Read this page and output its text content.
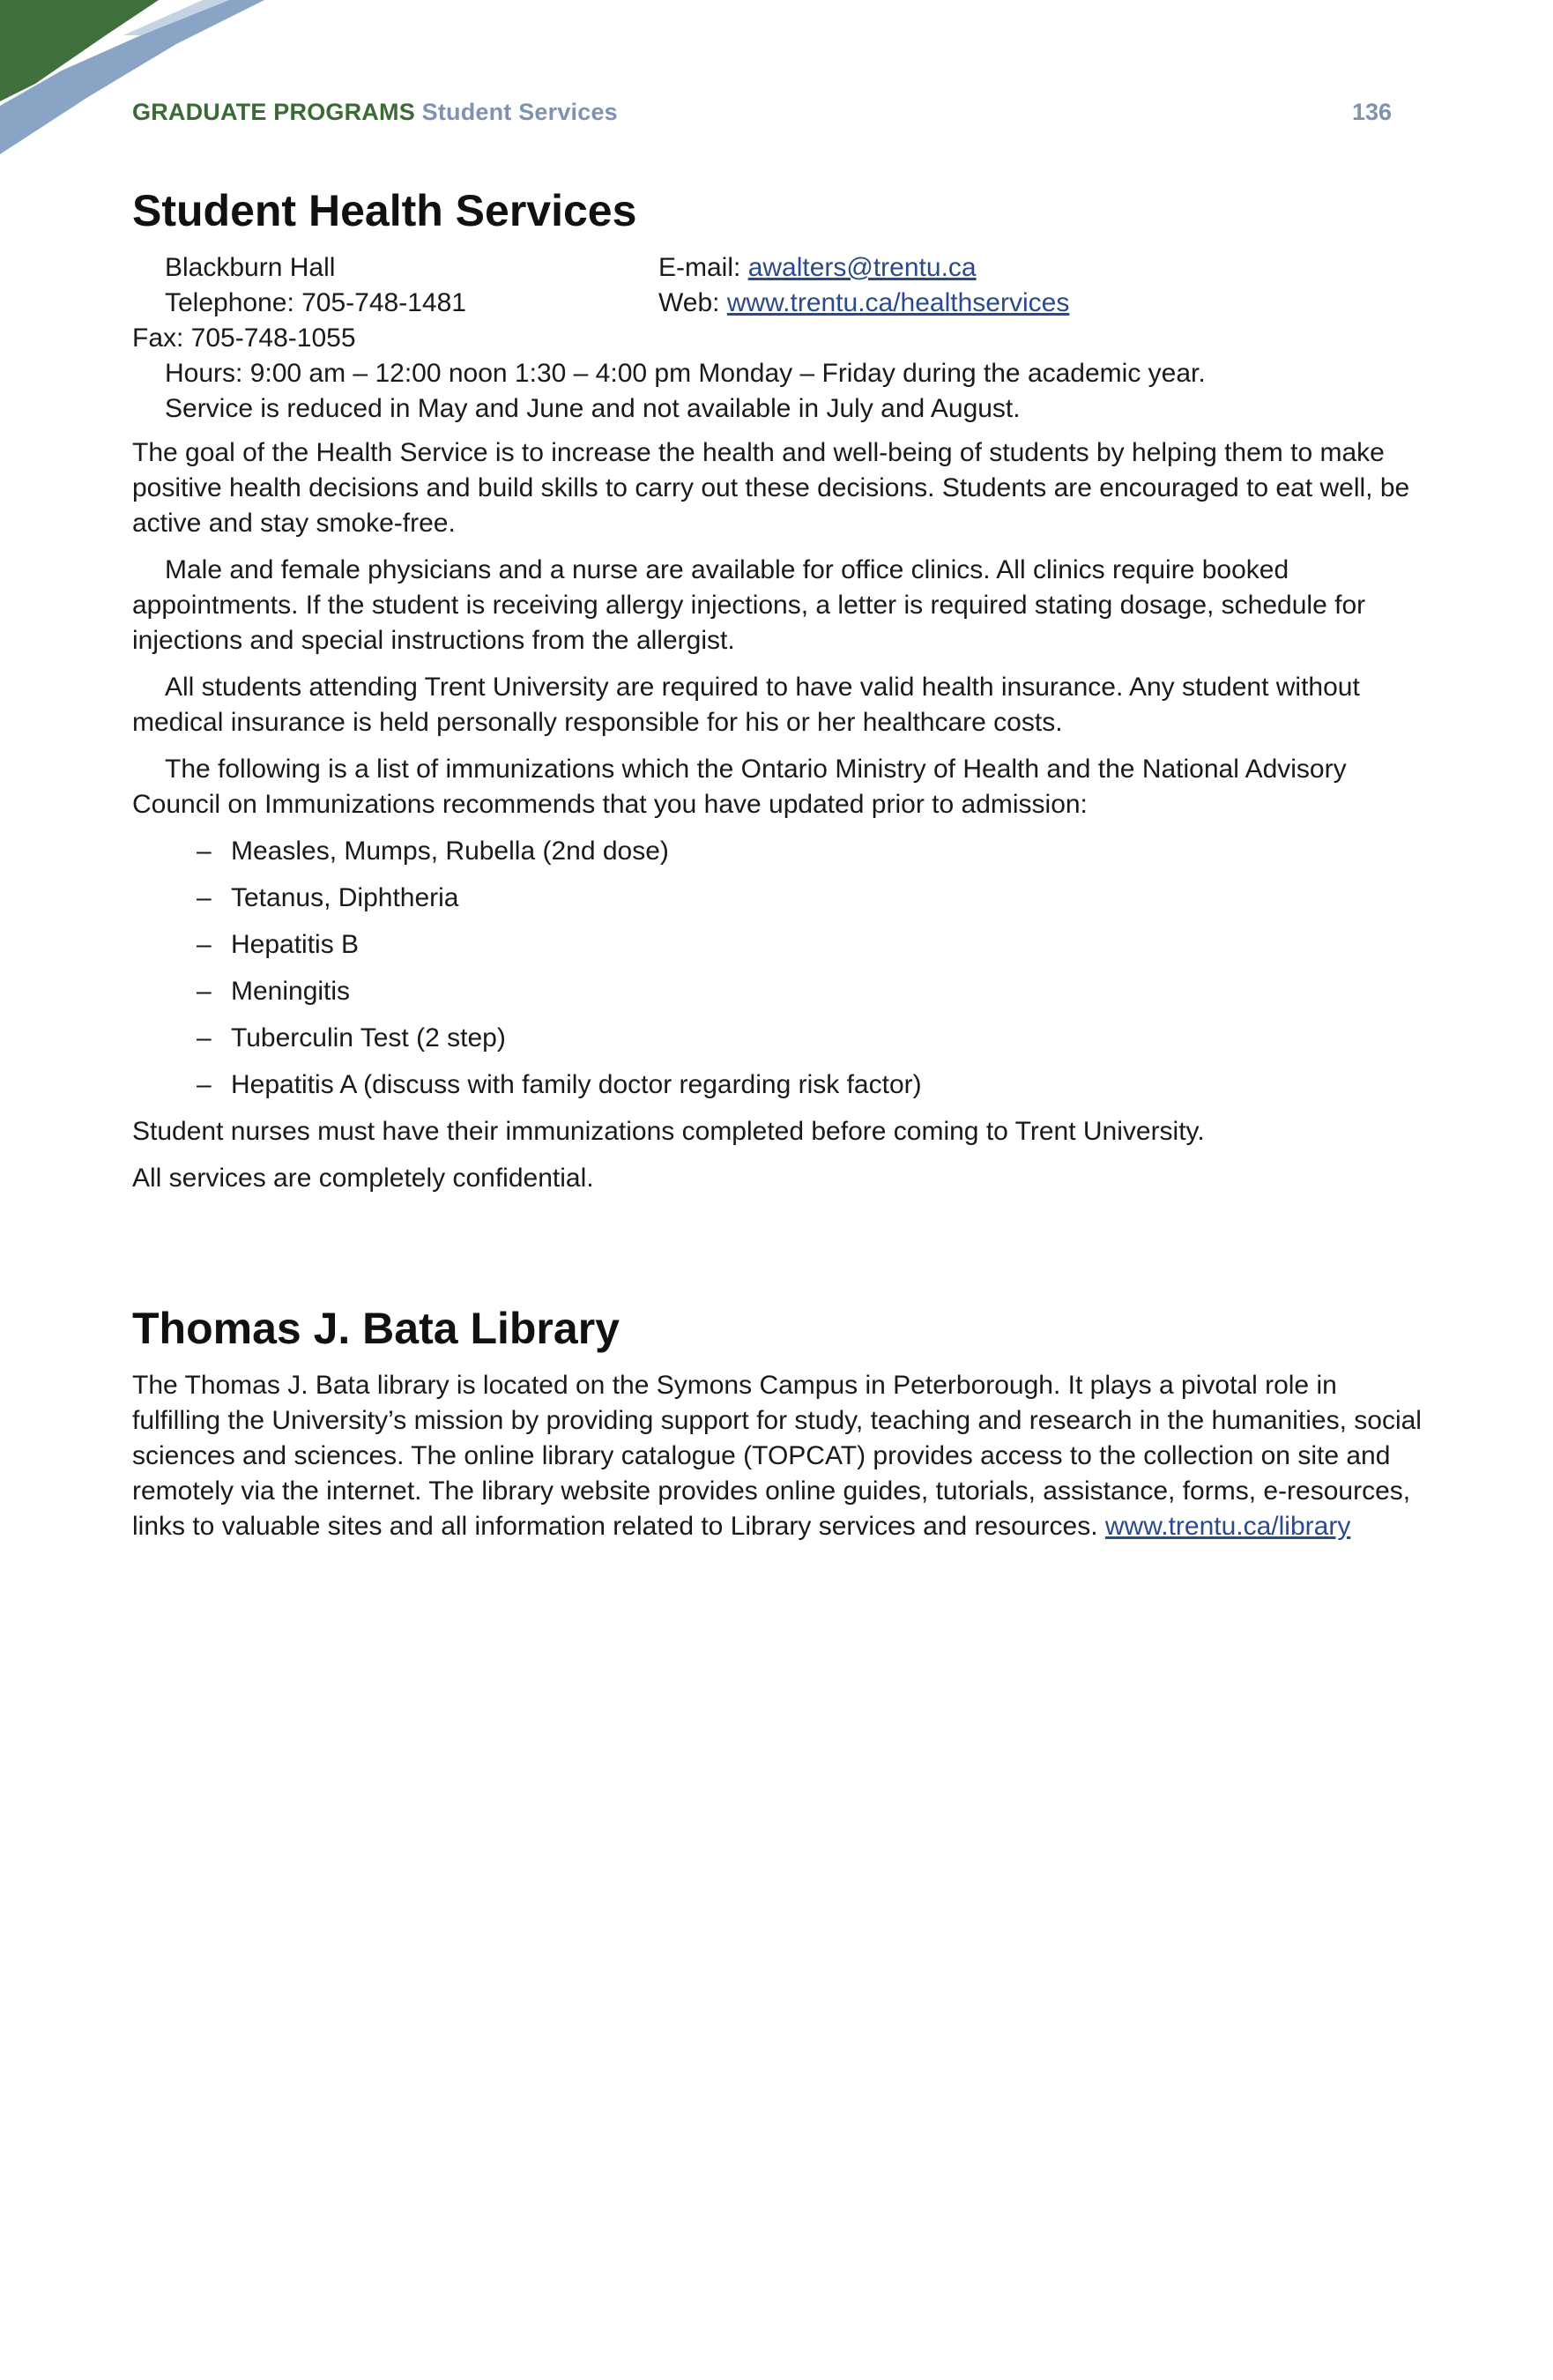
GRADUATE PROGRAMS Student Services	136
Student Health Services
Blackburn Hall	E-mail: awalters@trentu.ca
Telephone: 705-748-1481	Web: www.trentu.ca/healthservices
Fax: 705-748-1055
Hours: 9:00 am – 12:00 noon 1:30 – 4:00 pm Monday – Friday during the academic year.
Service is reduced in May and June and not available in July and August.

The goal of the Health Service is to increase the health and well-being of students by helping them to make positive health decisions and build skills to carry out these decisions. Students are encouraged to eat well, be active and stay smoke-free.

Male and female physicians and a nurse are available for office clinics. All clinics require booked appointments. If the student is receiving allergy injections, a letter is required stating dosage, schedule for injections and special instructions from the allergist.

All students attending Trent University are required to have valid health insurance. Any student without medical insurance is held personally responsible for his or her healthcare costs.

The following is a list of immunizations which the Ontario Ministry of Health and the National Advisory Council on Immunizations recommends that you have updated prior to admission:

– Measles, Mumps, Rubella (2nd dose)
– Tetanus, Diphtheria
– Hepatitis B
– Meningitis
– Tuberculin Test (2 step)
– Hepatitis A (discuss with family doctor regarding risk factor)

Student nurses must have their immunizations completed before coming to Trent University.

All services are completely confidential.

Thomas J. Bata Library

The Thomas J. Bata library is located on the Symons Campus in Peterborough. It plays a pivotal role in fulfilling the University’s mission by providing support for study, teaching and research in the humanities, social sciences and sciences. The online library catalogue (TOPCAT) provides access to the collection on site and remotely via the internet. The library website provides online guides, tutorials, assistance, forms, e-resources, links to valuable sites and all information related to Library services and resources. www.trentu.ca/library
